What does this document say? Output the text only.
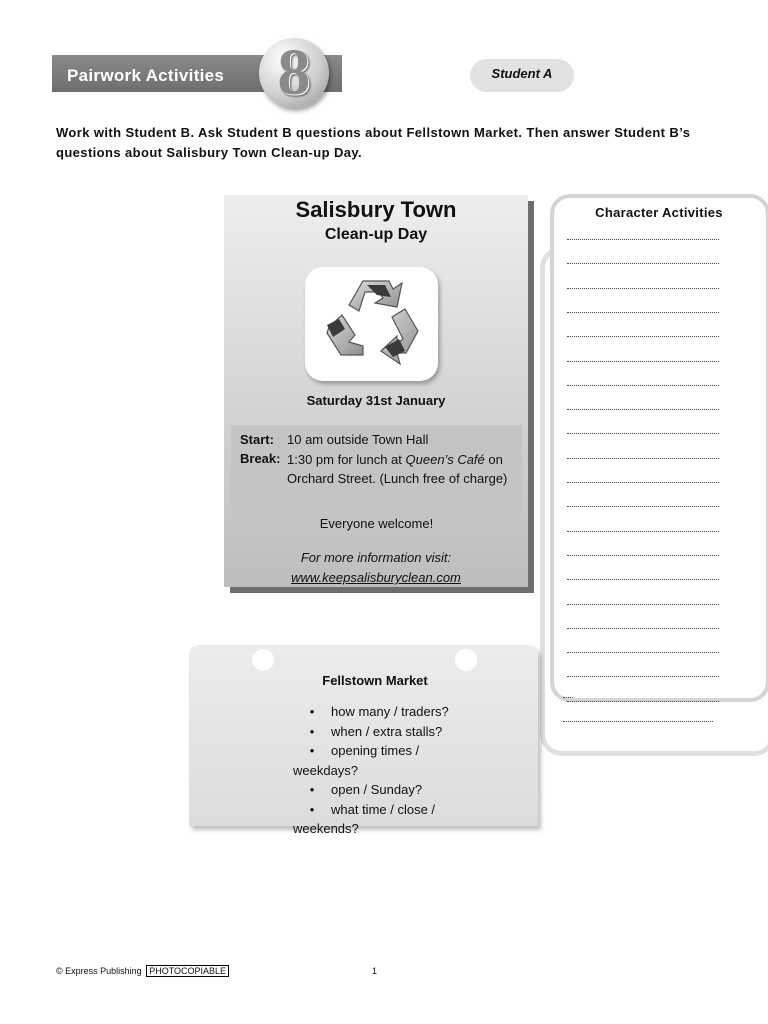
Pairwork Activities 8	Student A
Work with Student B. Ask Student B questions about Fellstown Market. Then answer Student B’s questions about Salisbury Town Clean-up Day.
Salisbury Town
Clean-up Day
Saturday 31st January
Start: 10 am outside Town Hall
Break: 1:30 pm for lunch at Queen’s Café on Orchard Street. (Lunch free of charge)
Everyone welcome!
For more information visit:
www.keepsalisburyclean.com
Character Activities
Fellstown Market
• how many / traders?
• when / extra stalls?
• opening times / weekdays?
• open / Sunday?
• what time / close / weekends?
© Express Publishing PHOTOCOPIABLE	1
